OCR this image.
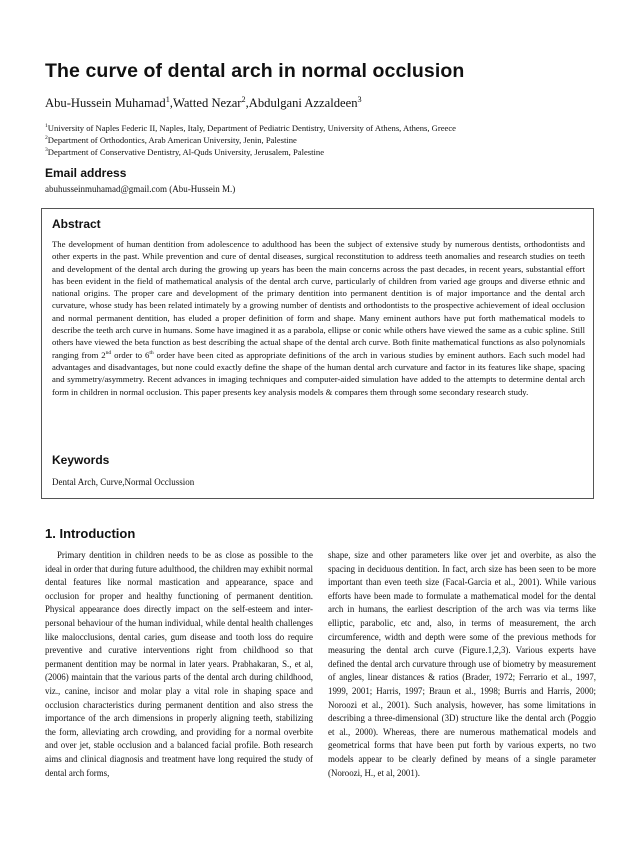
The curve of dental arch in normal occlusion

Abu-Hussein Muhamad$^1$,Watted Nezar$^2$,Abdulgani Azzaldeen$^3$

$^1$University of Naples Federic II, Naples, Italy, Department of Pediatric Dentistry, University of Athens, Athens, Greece
$^2$Department of Orthodontics, Arab American University, Jenin, Palestine
$^3$Department of Conservative Dentistry, Al-Quds University, Jerusalem, Palestine
Email address
abuhusseinmuhamad@gmail.com (Abu-Hussein M.)
Abstract

The development of human dentition from adolescence to adulthood has been the subject of extensive study by numerous dentists, orthodontists and other experts in the past. While prevention and cure of dental diseases, surgical reconstitution to address teeth anomalies and research studies on teeth and development of the dental arch during the growing up years has been the main concerns across the past decades, in recent years, substantial effort has been evident in the field of mathematical analysis of the dental arch curve, particularly of children from varied age groups and diverse ethnic and national origins. The proper care and development of the primary dentition into permanent dentition is of major importance and the dental arch curvature, whose study has been related intimately by a growing number of dentists and orthodontists to the prospective achievement of ideal occlusion and normal permanent dentition, has eluded a proper definition of form and shape. Many eminent authors have put forth mathematical models to describe the teeth arch curve in humans. Some have imagined it as a parabola, ellipse or conic while others have viewed the same as a cubic spline. Still others have viewed the beta function as best describing the actual shape of the dental arch curve. Both finite mathematical functions as also polynomials ranging from 2nd order to 6th order have been cited as appropriate definitions of the arch in various studies by eminent authors. Each such model had advantages and disadvantages, but none could exactly define the shape of the human dental arch curvature and factor in its features like shape, spacing and symmetry/asymmetry. Recent advances in imaging techniques and computer-aided simulation have added to the attempts to determine dental arch form in children in normal occlusion. This paper presents key analysis models & compares them through some secondary research study.

Keywords
Dental Arch, Curve,Normal Occlussion
1. Introduction

Primary dentition in children needs to be as close as possible to the ideal in order that during future adulthood, the children may exhibit normal dental features like normal mastication and appearance, space and occlusion for proper and healthy functioning of permanent dentition. Physical appearance does directly impact on the self-esteem and inter-personal behaviour of the human individual, while dental health challenges like malocclusions, dental caries, gum disease and tooth loss do require preventive and curative interventions right from childhood so that permanent dentition may be normal in later years. Prabhakaran, S., et al, (2006) maintain that the various parts of the dental arch during childhood, viz., canine, incisor and molar play a vital role in shaping space and occlusion characteristics during permanent dentition and also stress the importance of the arch dimensions in properly aligning teeth, stabilizing the form, alleviating arch crowding, and providing for a normal overbite and over jet, stable occlusion and a balanced facial profile. Both research aims and clinical diagnosis and treatment have long required the study of dental arch forms,

shape, size and other parameters like over jet and overbite, as also the spacing in deciduous dentition. In fact, arch size has been seen to be more important than even teeth size (Facal-Garcia et al., 2001). While various efforts have been made to formulate a mathematical model for the dental arch in humans, the earliest description of the arch was via terms like elliptic, parabolic, etc and, also, in terms of measurement, the arch circumference, width and depth were some of the previous methods for measuring the dental arch curve (Figure.1,2,3). Various experts have defined the dental arch curvature through use of biometry by measurement of angles, linear distances & ratios (Brader, 1972; Ferrario et al., 1997, 1999, 2001; Harris, 1997; Braun et al., 1998; Burris and Harris, 2000; Noroozi et al., 2001). Such analysis, however, has some limitations in describing a three-dimensional (3D) structure like the dental arch (Poggio et al., 2000). Whereas, there are numerous mathematical models and geometrical forms that have been put forth by various experts, no two models appear to be clearly defined by means of a single parameter (Noroozi, H., et al, 2001).
